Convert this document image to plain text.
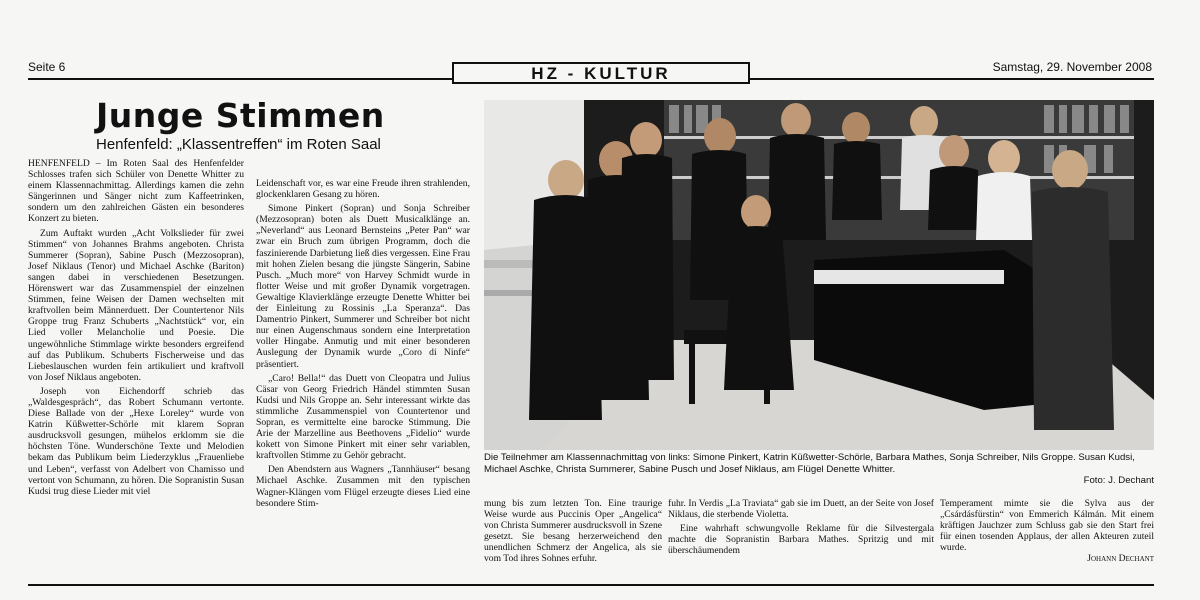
Seite 6	HZ - KULTUR	Samstag, 29. November 2008
Junge Stimmen
Henfenfeld: „Klassentreffen“ im Roten Saal

HENFENFELD – Im Roten Saal des Henfenfelder Schlosses trafen sich Schüler von Denette Whitter zu einem Klassennachmittag. Allerdings kamen die zehn Sängerinnen und Sänger nicht zum Kaffeetrinken, sondern um den zahlreichen Gästen ein besonderes Konzert zu bieten.

Zum Auftakt wurden „Acht Volkslieder für zwei Stimmen“ von Johannes Brahms angeboten. Christa Summerer (Sopran), Sabine Pusch (Mezzosopran), Josef Niklaus (Tenor) und Michael Aschke (Bariton) sangen dabei in verschiedenen Besetzungen. Hörenswert war das Zusammenspiel der einzelnen Stimmen, feine Weisen der Damen wechselten mit kraftvollen beim Männerduett. Der Countertenor Nils Groppe trug Franz Schuberts „Nachtstück“ vor, ein Lied voller Melancholie und Poesie. Die ungewöhnliche Stimmlage wirkte besonders ergreifend auf das Publikum. Schuberts Fischerweise und das Liebeslauschen wurden fein artikuliert und kraftvoll von Josef Niklaus angeboten.

Joseph von Eichendorff schrieb das „Waldesgespräch“, das Robert Schumann vertonte. Diese Ballade von der „Hexe Loreley“ wurde von Katrin Küßwetter-Schörle mit klarem Sopran ausdrucksvoll gesungen, mühelos erklomm sie die höchsten Töne. Wunderschöne Texte und Melodien bekam das Publikum beim Liederzyklus „Frauenliebe und Leben“, verfasst von Adelbert von Chamisso und vertont von Schumann, zu hören. Die Sopranistin Susan Kudsi trug diese Lieder mit viel

Leidenschaft vor, es war eine Freude ihren strahlenden, glockenklaren Gesang zu hören.

Simone Pinkert (Sopran) und Sonja Schreiber (Mezzosopran) boten als Duett Musicalklänge an. „Neverland“ aus Leonard Bernsteins „Peter Pan“ war zwar ein Bruch zum übrigen Programm, doch die faszinierende Darbietung ließ dies vergessen. Eine Frau mit hohen Zielen besang die jüngste Sängerin, Sabine Pusch. „Much more“ von Harvey Schmidt wurde in flotter Weise und mit großer Dynamik vorgetragen. Gewaltige Klavierklänge erzeugte Denette Whitter bei der Einleitung zu Rossinis „La Speranza“. Das Damentrio Pinkert, Summerer und Schreiber bot nicht nur einen Augenschmaus sondern eine Interpretation voller Hingabe. Anmutig und mit einer besonderen Auslegung der Dynamik wurde „Coro di Ninfe“ präsentiert.

„Caro! Bella!“ das Duett von Cleopatra und Julius Cäsar von Georg Friedrich Händel stimmten Susan Kudsi und Nils Groppe an. Sehr interessant wirkte das stimmliche Zusammenspiel von Countertenor und Sopran, es vermittelte eine barocke Stimmung. Die Arie der Marzelline aus Beethovens „Fidelio“ wurde kokett von Simone Pinkert mit einer sehr variablen, kraftvollen Stimme zu Gehör gebracht.

Den Abendstern aus Wagners „Tannhäuser“ besang Michael Aschke. Zusammen mit den typischen Wagner-Klängen vom Flügel erzeugte dieses Lied eine besondere Stim-

Die Teilnehmer am Klassennachmittag von links: Simone Pinkert, Katrin Küßwetter-Schörle, Barbara Mathes, Sonja Schreiber, Nils Groppe. Susan Kudsi, Michael Aschke, Christa Summerer, Sabine Pusch und Josef Niklaus, am Flügel Denette Whitter.
Foto: J. Dechant

mung bis zum letzten Ton. Eine traurige Weise wurde aus Puccinis Oper „Angelica“ von Christa Summerer ausdrucksvoll in Szene gesetzt. Sie besang herzerweichend den unendlichen Schmerz der Angelica, als sie vom Tod ihres Sohnes erfuhr.

fuhr. In Verdis „La Traviata“ gab sie im Duett, an der Seite von Josef Niklaus, die sterbende Violetta.

Eine wahrhaft schwungvolle Reklame für die Silvestergala machte die Sopranistin Barbara Mathes. Spritzig und mit überschäumendem

Temperament mimte sie die Sylva aus der „Csárdásfürstin“ von Emmerich Kálmán. Mit einem kräftigen Jauchzer zum Schluss gab sie den Start frei für einen tosenden Applaus, der allen Akteuren zuteil wurde.

Johann Dechant
